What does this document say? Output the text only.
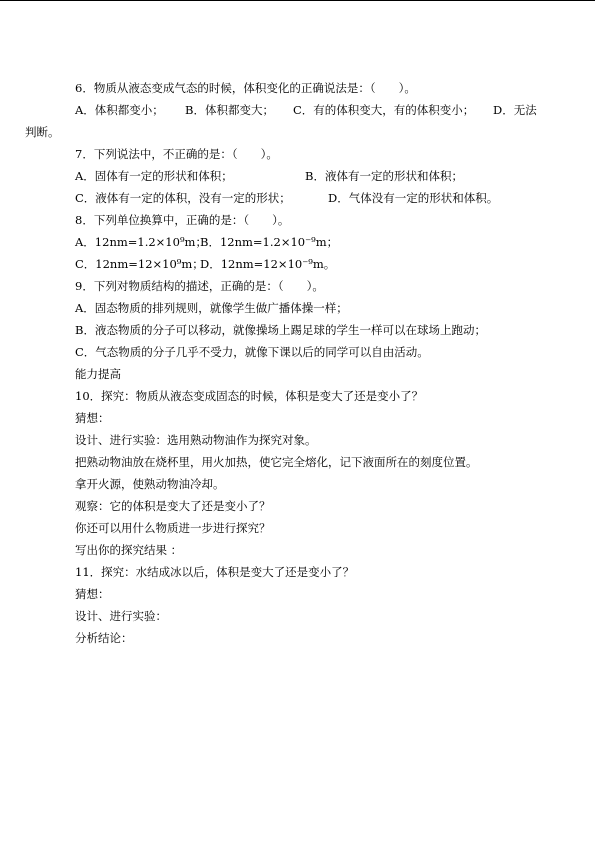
6．物质从液态变成气态的时候，体积变化的正确说法是：（　　）。
A．体积都变小； B．体积都变大； C．有的体积变大，有的体积变小； D．无法
判断。
7．下列说法中，不正确的是：（　　）。
A．固体有一定的形状和体积；	B．液体有一定的形状和体积；
C．液体有一定的体积，没有一定的形状；	D．气体没有一定的形状和体积。
8．下列单位换算中，正确的是：（　　）。
A．12nm=1.2×10⁹m；
B．12nm=1.2×10⁻⁹m；
C．12nm=12×10⁹m；
D．12nm=12×10⁻⁹m。
9．下列对物质结构的描述，正确的是：（　　）。
A．固态物质的排列规则，就像学生做广播体操一样；
B．液态物质的分子可以移动，就像操场上踢足球的学生一样可以在球场上跑动；
C．气态物质的分子几乎不受力，就像下课以后的同学可以自由活动。
能力提高
10．探究：物质从液态变成固态的时候，体积是变大了还是变小了？
猜想：
设计、进行实验：选用熟动物油作为探究对象。
把熟动物油放在烧杯里，用火加热，使它完全熔化，记下液面所在的刻度位置。
拿开火源，使熟动物油冷却。
观察：它的体积是变大了还是变小了？
你还可以用什么物质进一步进行探究？
写出你的探究结果 ：
11．探究：水结成冰以后，体积是变大了还是变小了？
猜想：
设计、进行实验：
分析结论：
